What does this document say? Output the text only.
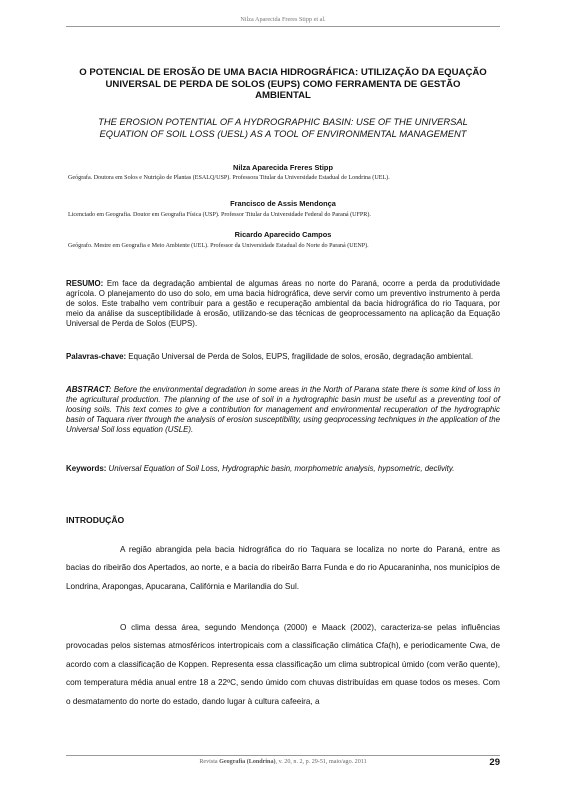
Nilza Aparecida Freres Stipp et al.
O POTENCIAL DE EROSÃO DE UMA BACIA HIDROGRÁFICA: UTILIZAÇÃO DA EQUAÇÃO UNIVERSAL DE PERDA DE SOLOS (EUPS) COMO FERRAMENTA DE GESTÃO AMBIENTAL
THE EROSION POTENTIAL OF A HYDROGRAPHIC BASIN: USE OF THE UNIVERSAL EQUATION OF SOIL LOSS (UESL) AS A TOOL OF ENVIRONMENTAL MANAGEMENT
Nilza Aparecida Freres Stipp
Geógrafa. Doutora em Solos e Nutrição de Plantas (ESALQ/USP). Professora Titular da Universidade Estadual de Londrina (UEL).
Francisco de Assis Mendonça
Licenciado em Geografia. Doutor em Geografia Física (USP). Professor Titular da Universidade Federal do Paraná (UFPR).
Ricardo Aparecido Campos
Geógrafo. Mestre em Geografia e Meio Ambiente (UEL). Professor da Universidade Estadual do Norte do Paraná (UENP).
RESUMO: Em face da degradação ambiental de algumas áreas no norte do Paraná, ocorre a perda da produtividade agrícola. O planejamento do uso do solo, em uma bacia hidrográfica, deve servir como um preventivo instrumento à perda de solos. Este trabalho vem contribuir para a gestão e recuperação ambiental da bacia hidrográfica do rio Taquara, por meio da análise da susceptibilidade à erosão, utilizando-se das técnicas de geoprocessamento na aplicação da Equação Universal de Perda de Solos (EUPS).
Palavras-chave: Equação Universal de Perda de Solos, EUPS, fragilidade de solos, erosão, degradação ambiental.
ABSTRACT: Before the environmental degradation in some areas in the North of Parana state there is some kind of loss in the agricultural production. The planning of the use of soil in a hydrographic basin must be useful as a preventing tool of loosing soils. This text comes to give a contribution for management and environmental recuperation of the hydrographic basin of Taquara river through the analysis of erosion susceptibility, using geoprocessing techniques in the application of the Universal Soil loss equation (USLE).
Keywords: Universal Equation of Soil Loss, Hydrographic basin, morphometric analysis, hypsometric, declivity.
INTRODUÇÃO
A região abrangida pela bacia hidrográfica do rio Taquara se localiza no norte do Paraná, entre as bacias do ribeirão dos Apertados, ao norte, e a bacia do ribeirão Barra Funda e do rio Apucaraninha, nos municípios de Londrina, Arapongas, Apucarana, Califórnia e Marilandia do Sul.
O clima dessa área, segundo Mendonça (2000) e Maack (2002), caracteriza-se pelas influências provocadas pelos sistemas atmosféricos intertropicais com a classificação climática Cfa(h), e periodicamente Cwa, de acordo com a classificação de Koppen. Representa essa classificação um clima subtropical úmido (com verão quente), com temperatura média anual entre 18 a 22ºC, sendo úmido com chuvas distribuídas em quase todos os meses. Com o desmatamento do norte do estado, dando lugar à cultura cafeeira, a
Revista Geografia (Londrina), v. 20, n. 2, p. 29-51, maio/ago. 2011	29
